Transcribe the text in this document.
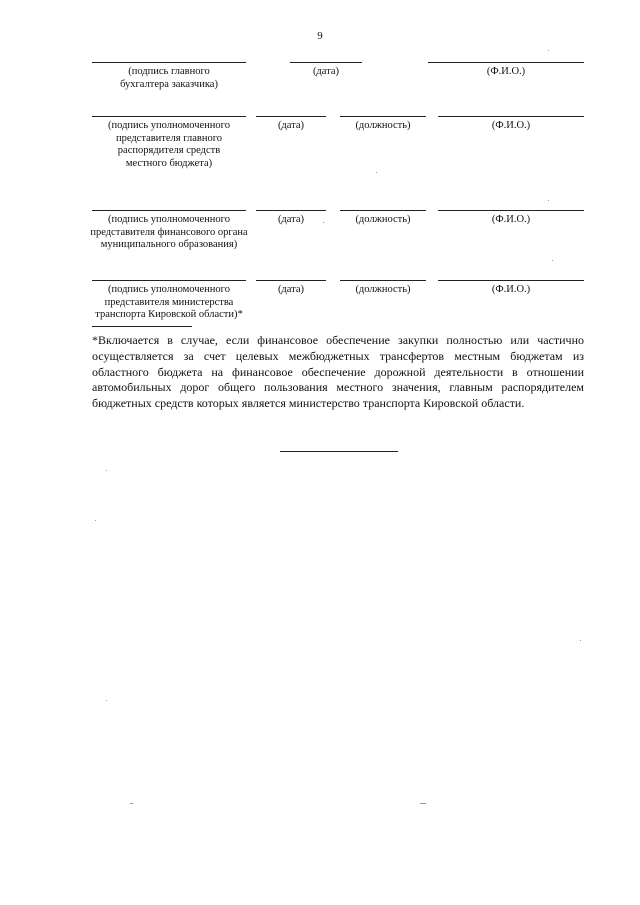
9
(подпись главного
бухгалтера заказчика)
(дата)	(Ф.И.О.)
(подпись уполномоченного
представителя главного
распорядителя средств
местного бюджета)
(дата)	(должность)	(Ф.И.О.)
(подпись уполномоченного
представителя финансового органа
муниципального образования)
(дата)	(должность)	(Ф.И.О.)
(подпись уполномоченного
представителя министерства
транспорта Кировской области)*
(дата)	(должность)	(Ф.И.О.)
*Включается в случае, если финансовое обеспечение закупки полностью или частично осуществляется за счет целевых межбюджетных трансфертов местным бюджетам из областного бюджета на финансовое обеспечение дорожной деятельности в отношении автомобильных дорог общего пользования местного значения, главным распорядителем бюджетных средств которых является министерство транспорта Кировской области.
